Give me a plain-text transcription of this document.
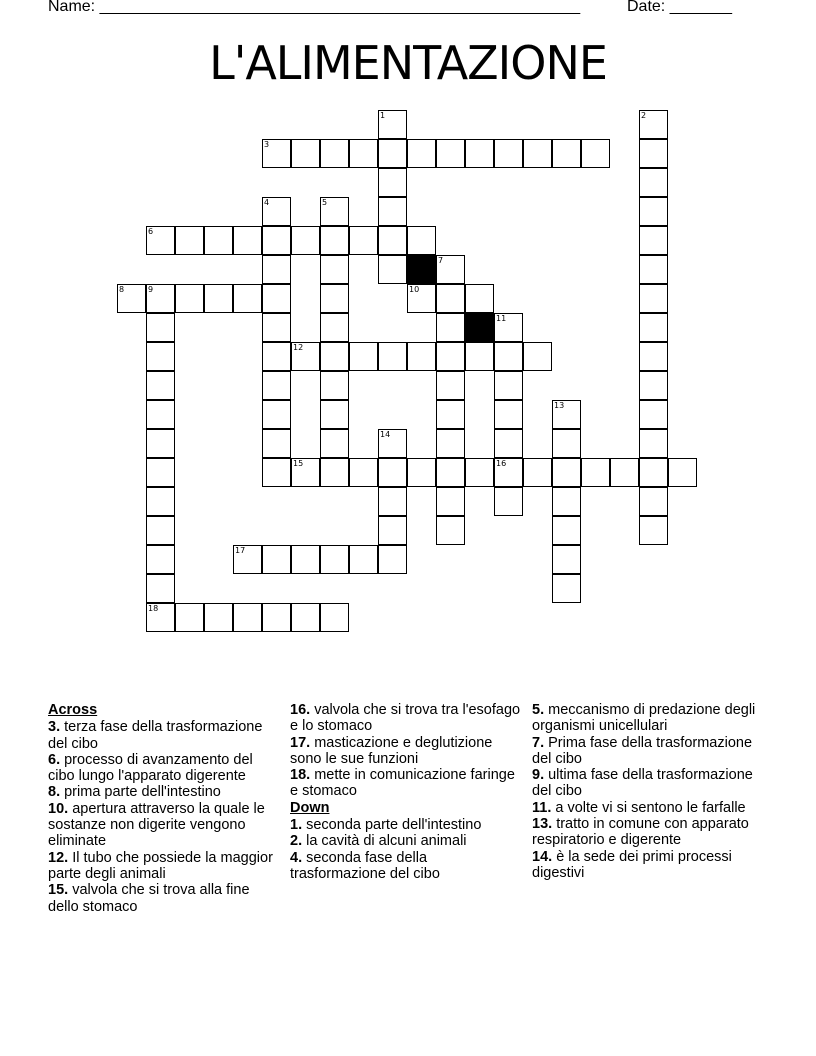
Name: ______________________________________________________	Date: _______
L'ALIMENTAZIONE
1	2
3
4	5
6
7
8	9
18
10
11
16
12
13
14
15
17
Across
3. terza fase della trasformazione del cibo
6. processo di avanzamento del cibo lungo l'apparato digerente
8. prima parte dell'intestino
10. apertura attraverso la quale le sostanze non digerite vengono eliminate
12. Il tubo che possiede la maggior parte degli animali
15. valvola che si trova alla fine dello stomaco
16. valvola che si trova tra l'esofago e lo stomaco
17. masticazione e deglutizione sono le sue funzioni
18. mette in comunicazione faringe e stomaco
Down
1. seconda parte dell'intestino
2. la cavità di alcuni animali
4. seconda fase della trasformazione del cibo
5. meccanismo di predazione degli organismi unicellulari
7. Prima fase della trasformazione del cibo
9. ultima fase della trasformazione del cibo
11. a volte vi si sentono le farfalle
13. tratto in comune con apparato respiratorio e digerente
14. è la sede dei primi processi digestivi
